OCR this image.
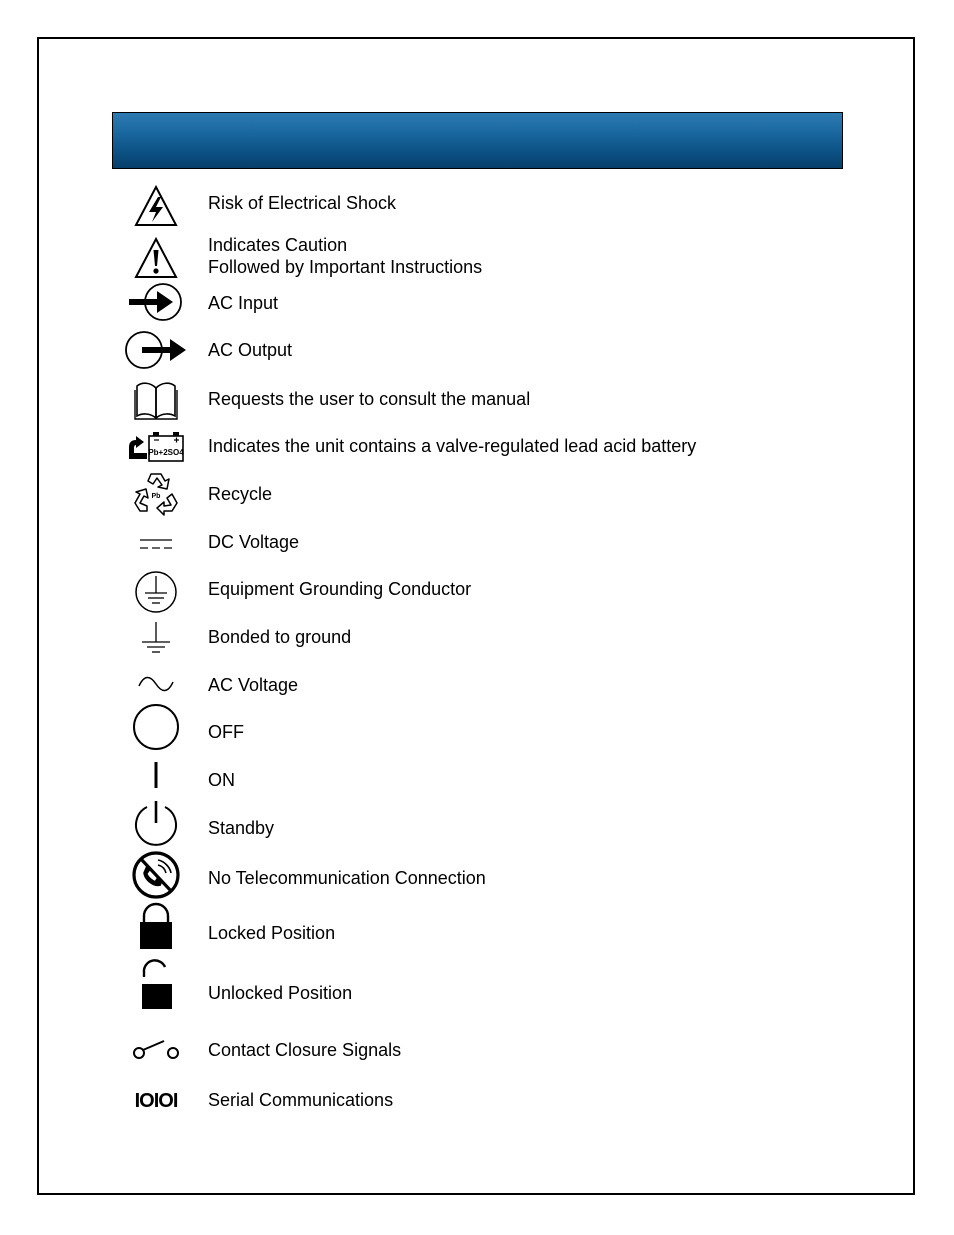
Risk of Electrical Shock
Indicates Caution
Followed by Important Instructions
AC Input
AC Output
Requests the user to consult the manual
Pb+2SO4 Indicates the unit contains a valve-regulated lead acid battery
Pb	Recycle
DC Voltage
Equipment Grounding Conductor
Bonded to ground
AC Voltage
OFF
ON
Standby
No Telecommunication Connection
Locked Position
Unlocked Position
Contact Closure Signals
IOIOI Serial Communications
